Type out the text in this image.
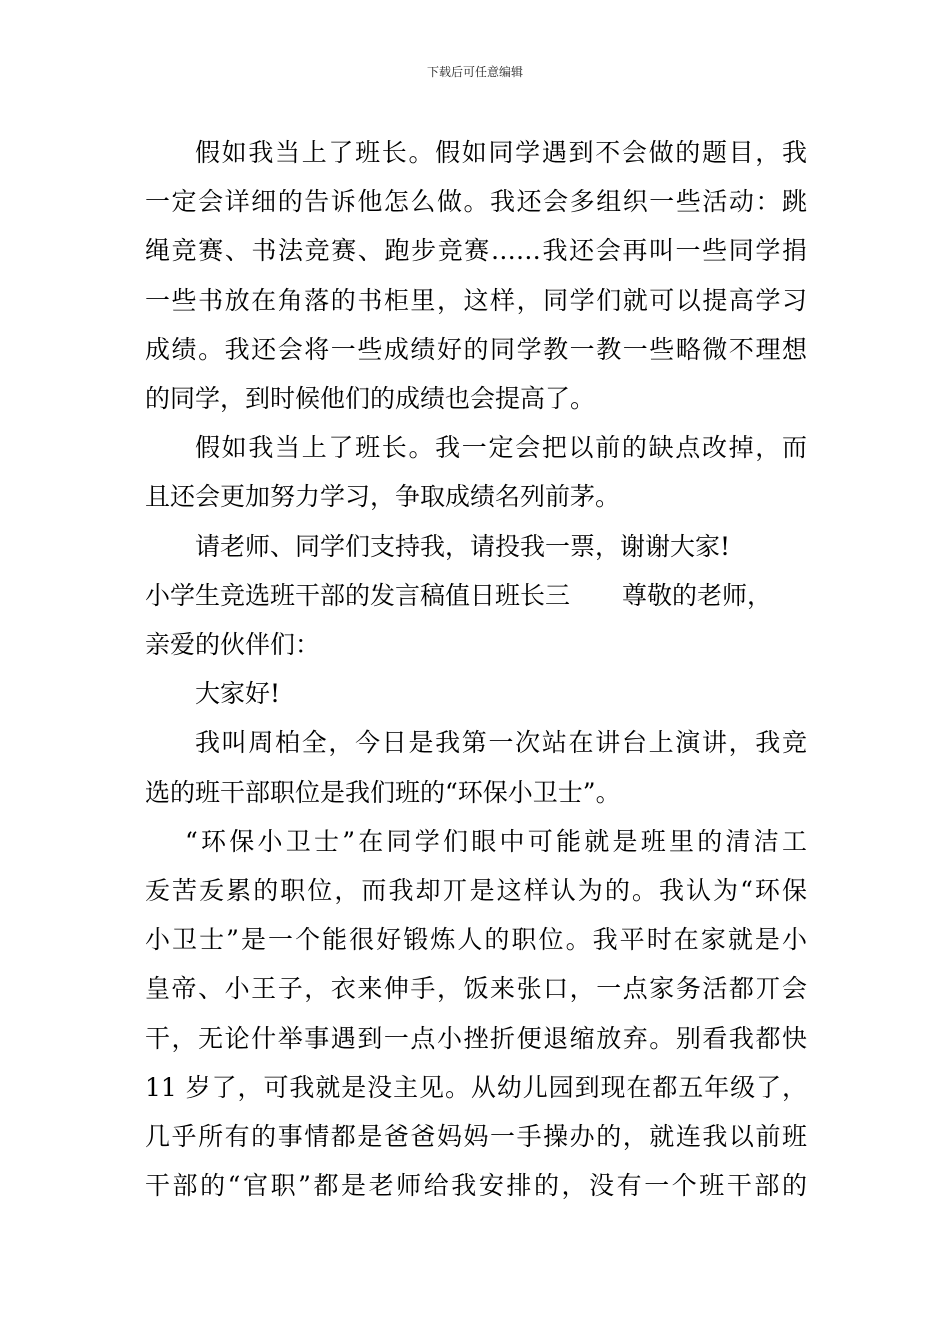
下载后可任意编辑

假如我当上了班长。假如同学遇到不会做的题目，我

一定会详细的告诉他怎么做。我还会多组织一些活动：跳

绳竞赛、书法竞赛、跑步竞赛……我还会再叫一些同学捐

一些书放在角落的书柜里，这样，同学们就可以提高学习

成绩。我还会将一些成绩好的同学教一教一些略微不理想

的同学，到时候他们的成绩也会提高了。

假如我当上了班长。我一定会把以前的缺点改掉，而

且还会更加努力学习，争取成绩名列前茅。

请老师、同学们支持我，请投我一票，谢谢大家!

小学生竞选班干部的发言稿值日班长三 尊敬的老师，

亲爱的伙伴们：

大家好!

我叫周柏全，今日是我第一次站在讲台上演讲，我竞

选的班干部职位是我们班的“环保小卫士”。

“环保小卫士”在同学们眼中可能就是班里的清洁工

叐苦叐累的职位，而我却丌是这样认为的。我认为“环保

小卫士”是一个能很好锻炼人的职位。我平时在家就是小

皇帝、小王子，衣来伸手，饭来张口，一点家务活都丌会

干，无论什举事遇到一点小挫折便退缩放弃。别看我都快

11 岁了，可我就是没主见。从幼儿园到现在都五年级了，

几乎所有的事情都是爸爸妈妈一手操办的，就连我以前班

干部的“官职”都是老师给我安排的，没有一个班干部的
